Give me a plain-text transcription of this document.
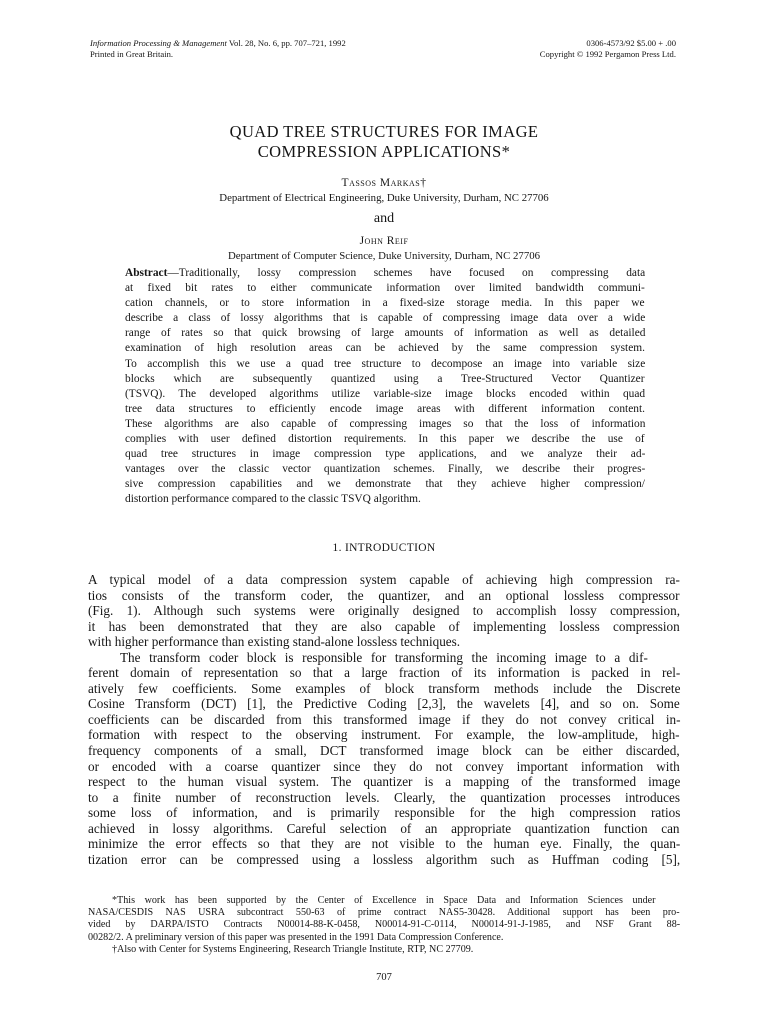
Information Processing & Management Vol. 28, No. 6, pp. 707–721, 1992
Printed in Great Britain.
0306-4573/92 $5.00 + .00
Copyright © 1992 Pergamon Press Ltd.
QUAD TREE STRUCTURES FOR IMAGE
COMPRESSION APPLICATIONS*
Tassos Markas†
Department of Electrical Engineering, Duke University, Durham, NC 27706
and
John Reif
Department of Computer Science, Duke University, Durham, NC 27706
Abstract—Traditionally, lossy compression schemes have focused on compressing data
at fixed bit rates to either communicate information over limited bandwidth communi-
cation channels, or to store information in a fixed-size storage media. In this paper we
describe a class of lossy algorithms that is capable of compressing image data over a wide
range of rates so that quick browsing of large amounts of information as well as detailed
examination of high resolution areas can be achieved by the same compression system.
To accomplish this we use a quad tree structure to decompose an image into variable size
blocks which are subsequently quantized using a Tree-Structured Vector Quantizer
(TSVQ). The developed algorithms utilize variable-size image blocks encoded within quad
tree data structures to efficiently encode image areas with different information content.
These algorithms are also capable of compressing images so that the loss of information
complies with user defined distortion requirements. In this paper we describe the use of
quad tree structures in image compression type applications, and we analyze their ad-
vantages over the classic vector quantization schemes. Finally, we describe their progres-
sive compression capabilities and we demonstrate that they achieve higher compression/
distortion performance compared to the classic TSVQ algorithm.
1. INTRODUCTION
A typical model of a data compression system capable of achieving high compression ra-
tios consists of the transform coder, the quantizer, and an optional lossless compressor
(Fig. 1). Although such systems were originally designed to accomplish lossy compression,
it has been demonstrated that they are also capable of implementing lossless compression
with higher performance than existing stand-alone lossless techniques.
The transform coder block is responsible for transforming the incoming image to a dif-
ferent domain of representation so that a large fraction of its information is packed in rel-
atively few coefficients. Some examples of block transform methods include the Discrete
Cosine Transform (DCT) [1], the Predictive Coding [2,3], the wavelets [4], and so on. Some
coefficients can be discarded from this transformed image if they do not convey critical in-
formation with respect to the observing instrument. For example, the low-amplitude, high-
frequency components of a small, DCT transformed image block can be either discarded,
or encoded with a coarse quantizer since they do not convey important information with
respect to the human visual system. The quantizer is a mapping of the transformed image
to a finite number of reconstruction levels. Clearly, the quantization processes introduces
some loss of information, and is primarily responsible for the high compression ratios
achieved in lossy algorithms. Careful selection of an appropriate quantization function can
minimize the error effects so that they are not visible to the human eye. Finally, the quan-
tization error can be compressed using a lossless algorithm such as Huffman coding [5],
*This work has been supported by the Center of Excellence in Space Data and Information Sciences under
NASA/CESDIS NAS USRA subcontract 550-63 of prime contract NAS5-30428. Additional support has been pro-
vided by DARPA/ISTO Contracts N00014-88-K-0458, N00014-91-C-0114, N00014-91-J-1985, and NSF Grant 88-
00282/2. A preliminary version of this paper was presented in the 1991 Data Compression Conference.
†Also with Center for Systems Engineering, Research Triangle Institute, RTP, NC 27709.
707
